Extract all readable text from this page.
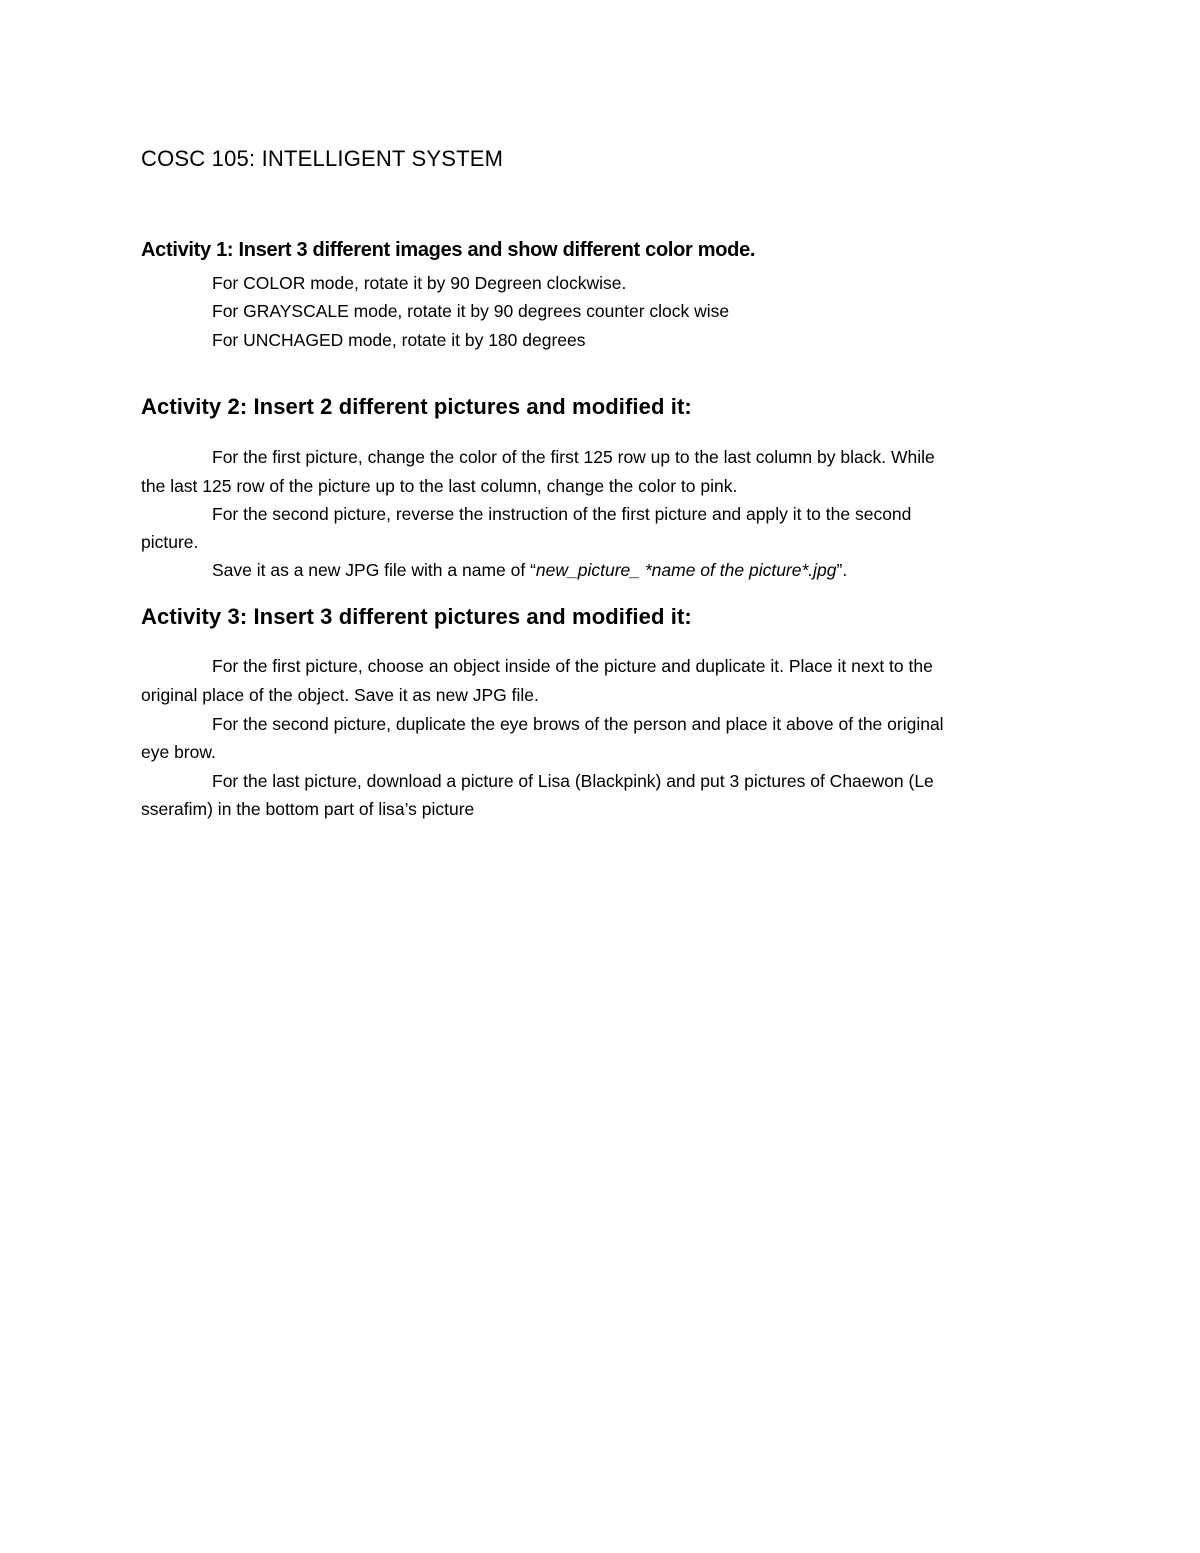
COSC 105: INTELLIGENT SYSTEM
Activity 1: Insert 3 different images and show different color mode.
For COLOR mode, rotate it by 90 Degreen clockwise.
For GRAYSCALE mode, rotate it by 90 degrees counter clock wise
For UNCHAGED mode, rotate it by 180 degrees
Activity 2: Insert 2 different pictures and modified it:
For the first picture, change the color of the first 125 row up to the last column by black. While
the last 125 row of the picture up to the last column, change the color to pink.
For the second picture, reverse the instruction of the first picture and apply it to the second
picture.
Save it as a new JPG file with a name of “new_picture_ *name of the picture*.jpg”.
Activity 3: Insert 3 different pictures and modified it:
For the first picture, choose an object inside of the picture and duplicate it. Place it next to the
original place of the object. Save it as new JPG file.
For the second picture, duplicate the eye brows of the person and place it above of the original
eye brow.
For the last picture, download a picture of Lisa (Blackpink) and put 3 pictures of Chaewon (Le
sserafim) in the bottom part of lisa’s picture
